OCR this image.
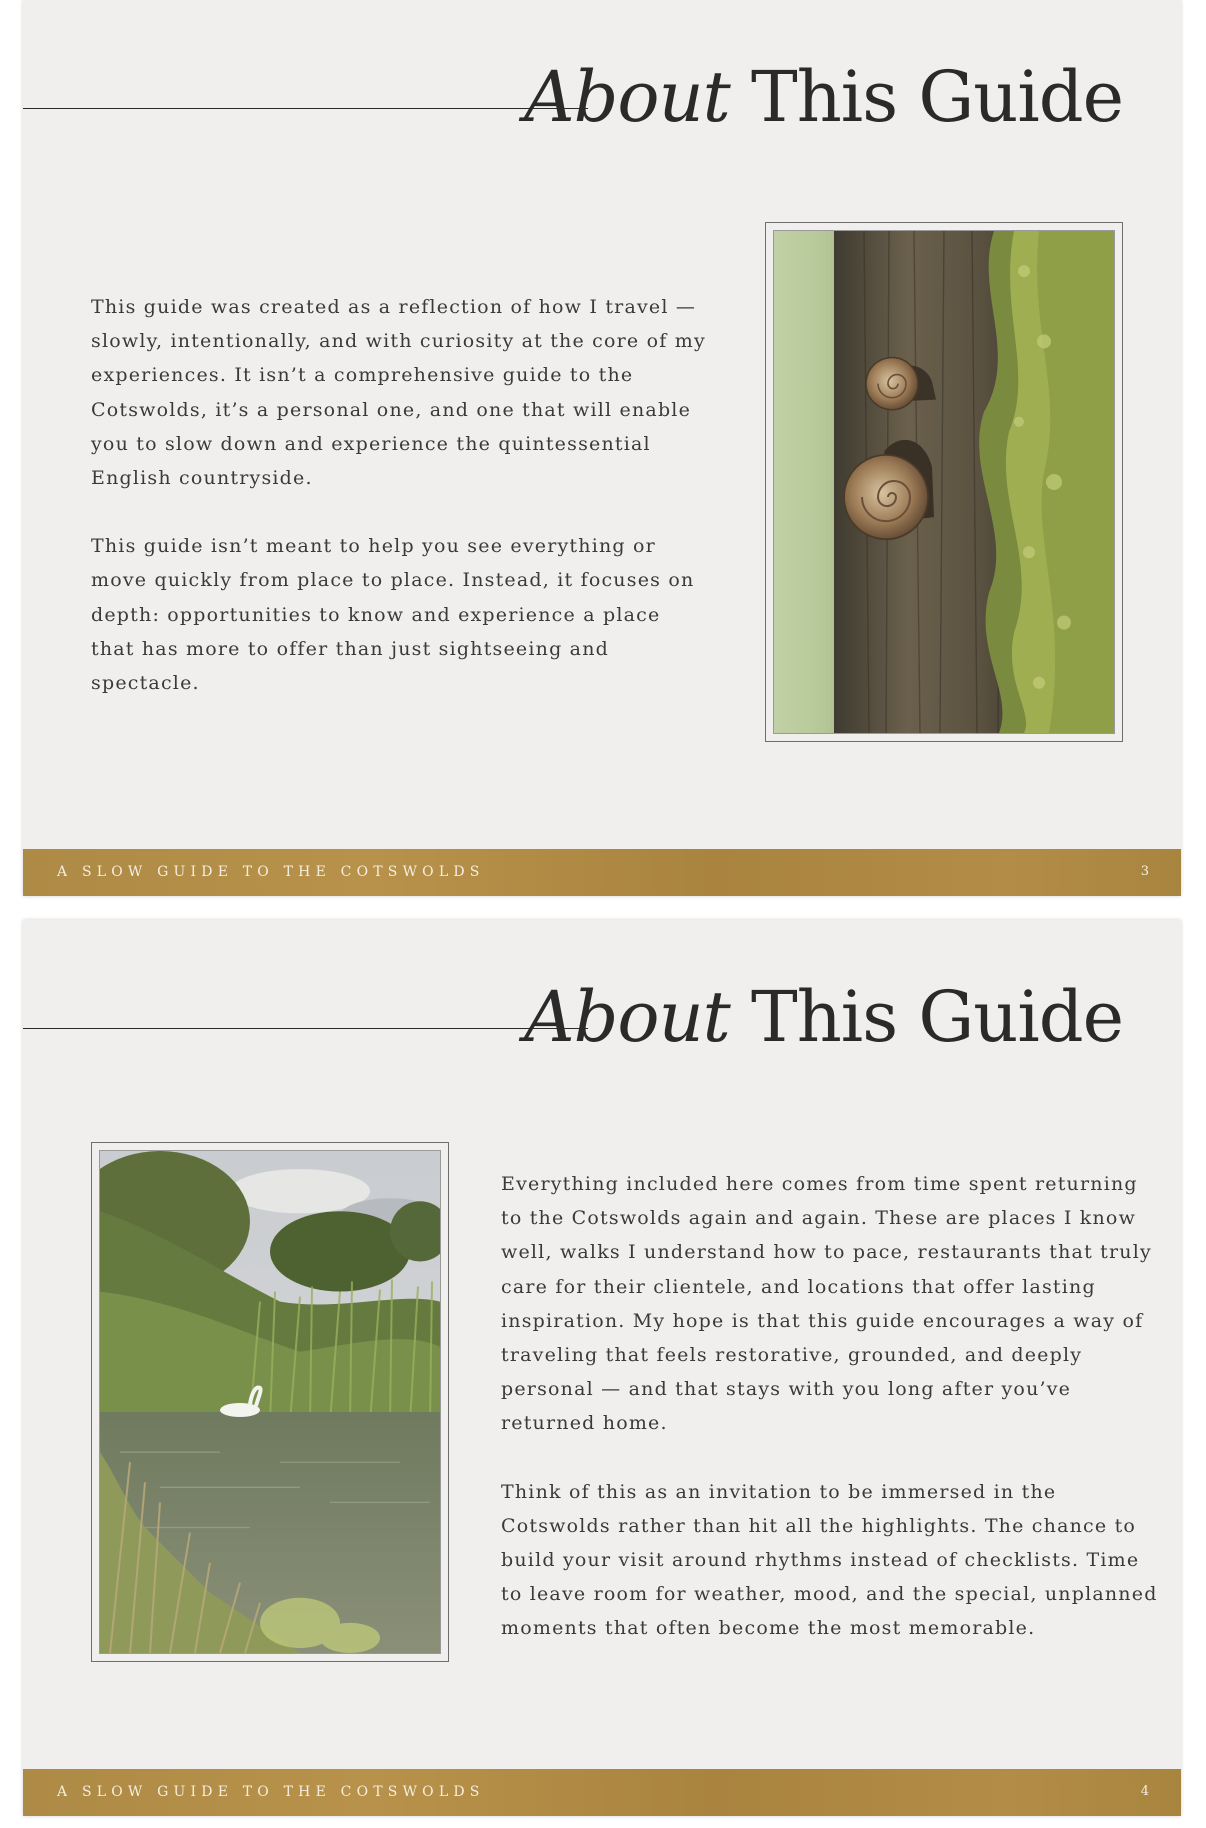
About This Guide

This guide was created as a reflection of how I travel — slowly, intentionally, and with curiosity at the core of my experiences. It isn’t a comprehensive guide to the Cotswolds, it’s a personal one, and one that will enable you to slow down and experience the quintessential English countryside.

This guide isn’t meant to help you see everything or move quickly from place to place. Instead, it focuses on depth: opportunities to know and experience a place that has more to offer than just sightseeing and spectacle.

A SLOW GUIDE TO THE COTSWOLDS	3
About This Guide

Everything included here comes from time spent returning to the Cotswolds again and again. These are places I know well, walks I understand how to pace, restaurants that truly care for their clientele, and locations that offer lasting inspiration. My hope is that this guide encourages a way of traveling that feels restorative, grounded, and deeply personal — and that stays with you long after you’ve returned home.

Think of this as an invitation to be immersed in the Cotswolds rather than hit all the highlights. The chance to build your visit around rhythms instead of checklists. Time to leave room for weather, mood, and the special, unplanned moments that often become the most memorable.

A SLOW GUIDE TO THE COTSWOLDS	4
